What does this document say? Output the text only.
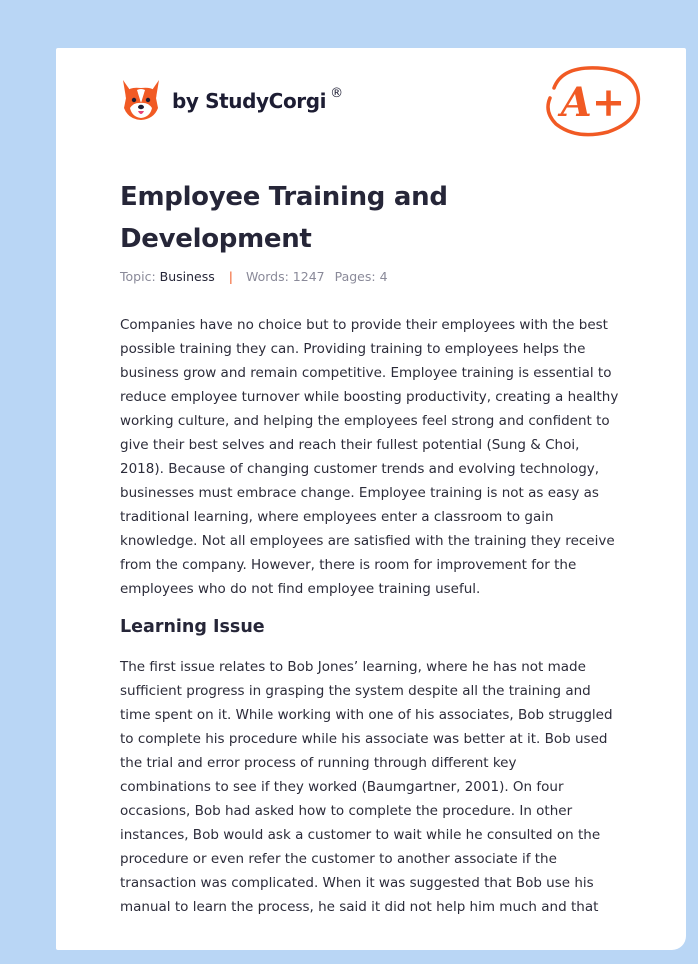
by StudyCorgi ®	A+
Employee Training and Development
Topic: Business | Words: 1247 Pages: 4

Companies have no choice but to provide their employees with the best
possible training they can. Providing training to employees helps the
business grow and remain competitive. Employee training is essential to
reduce employee turnover while boosting productivity, creating a healthy
working culture, and helping the employees feel strong and confident to
give their best selves and reach their fullest potential (Sung & Choi,
2018). Because of changing customer trends and evolving technology,
businesses must embrace change. Employee training is not as easy as
traditional learning, where employees enter a classroom to gain
knowledge. Not all employees are satisfied with the training they receive
from the company. However, there is room for improvement for the
employees who do not find employee training useful.

Learning Issue

The first issue relates to Bob Jones’ learning, where he has not made
sufficient progress in grasping the system despite all the training and
time spent on it. While working with one of his associates, Bob struggled
to complete his procedure while his associate was better at it. Bob used
the trial and error process of running through different key
combinations to see if they worked (Baumgartner, 2001). On four
occasions, Bob had asked how to complete the procedure. In other
instances, Bob would ask a customer to wait while he consulted on the
procedure or even refer the customer to another associate if the
transaction was complicated. When it was suggested that Bob use his
manual to learn the process, he said it did not help him much and that
